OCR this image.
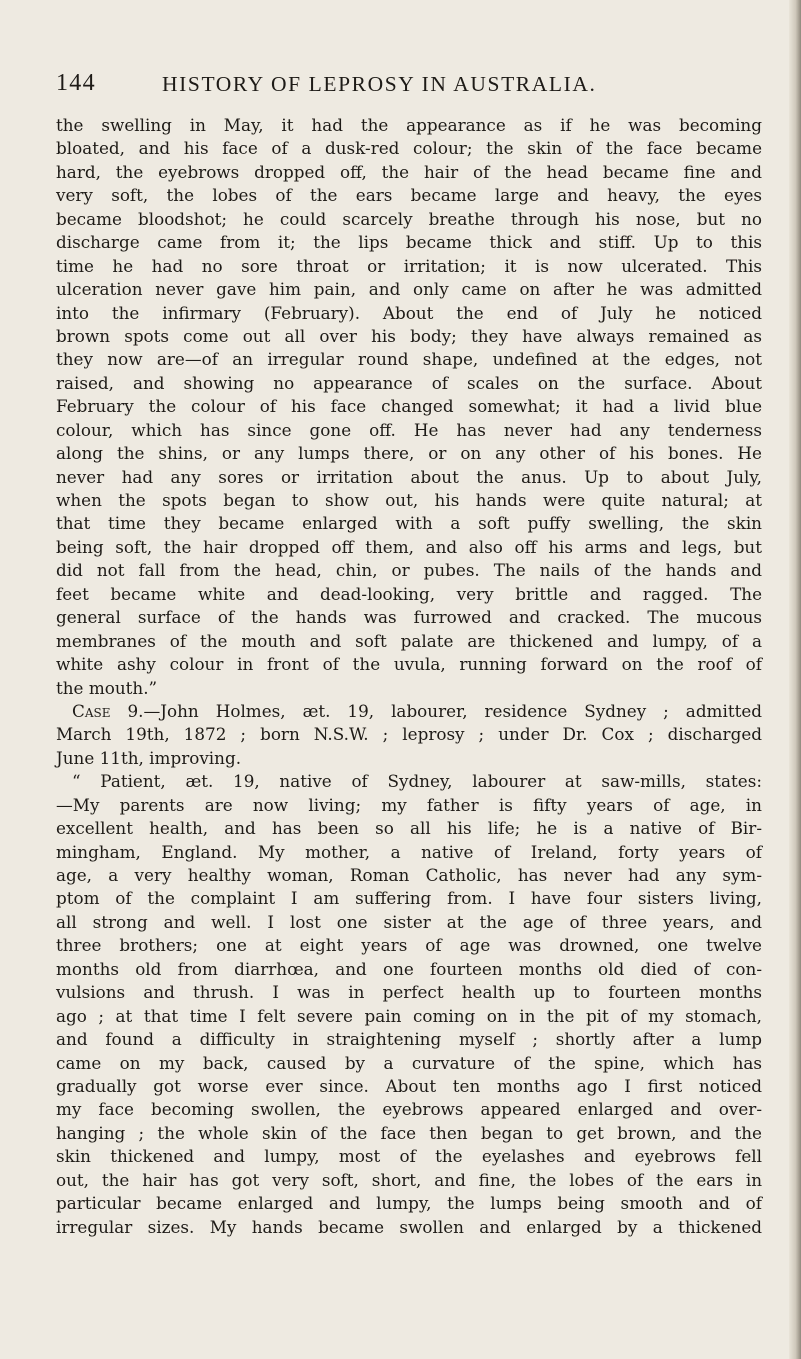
144	HISTORY OF LEPROSY IN AUSTRALIA.
the swelling in May, it had the appearance as if he was becoming
bloated, and his face of a dusk-red colour; the skin of the face became
hard, the eyebrows dropped off, the hair of the head became fine and
very soft, the lobes of the ears became large and heavy, the eyes
became bloodshot; he could scarcely breathe through his nose, but no
discharge came from it; the lips became thick and stiff. Up to this
time he had no sore throat or irritation; it is now ulcerated. This
ulceration never gave him pain, and only came on after he was admitted
into the infirmary (February). About the end of July he noticed
brown spots come out all over his body; they have always remained as
they now are—of an irregular round shape, undefined at the edges, not
raised, and showing no appearance of scales on the surface. About
February the colour of his face changed somewhat; it had a livid blue
colour, which has since gone off. He has never had any tenderness
along the shins, or any lumps there, or on any other of his bones. He
never had any sores or irritation about the anus. Up to about July,
when the spots began to show out, his hands were quite natural; at
that time they became enlarged with a soft puffy swelling, the skin
being soft, the hair dropped off them, and also off his arms and legs, but
did not fall from the head, chin, or pubes. The nails of the hands and
feet became white and dead-looking, very brittle and ragged. The
general surface of the hands was furrowed and cracked. The mucous
membranes of the mouth and soft palate are thickened and lumpy, of a
white ashy colour in front of the uvula, running forward on the roof of
the mouth.”
Case 9.—John Holmes, æt. 19, labourer, residence Sydney ; admitted
March 19th, 1872 ; born N.S.W. ; leprosy ; under Dr. Cox ; discharged
June 11th, improving.
“ Patient, æt. 19, native of Sydney, labourer at saw-mills, states:
—My parents are now living; my father is fifty years of age, in
excellent health, and has been so all his life; he is a native of Bir-
mingham, England. My mother, a native of Ireland, forty years of
age, a very healthy woman, Roman Catholic, has never had any sym-
ptom of the complaint I am suffering from. I have four sisters living,
all strong and well. I lost one sister at the age of three years, and
three brothers; one at eight years of age was drowned, one twelve
months old from diarrhœa, and one fourteen months old died of con-
vulsions and thrush. I was in perfect health up to fourteen months
ago ; at that time I felt severe pain coming on in the pit of my stomach,
and found a difficulty in straightening myself ; shortly after a lump
came on my back, caused by a curvature of the spine, which has
gradually got worse ever since. About ten months ago I first noticed
my face becoming swollen, the eyebrows appeared enlarged and over-
hanging ; the whole skin of the face then began to get brown, and the
skin thickened and lumpy, most of the eyelashes and eyebrows fell
out, the hair has got very soft, short, and fine, the lobes of the ears in
particular became enlarged and lumpy, the lumps being smooth and of
irregular sizes. My hands became swollen and enlarged by a thickened
